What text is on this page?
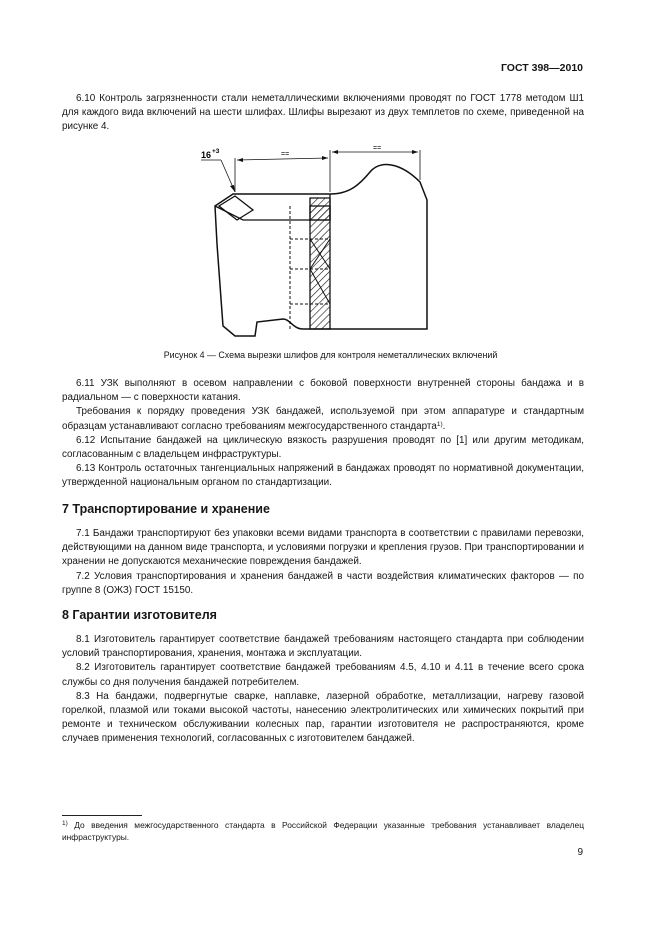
ГОСТ 398—2010

6.10 Контроль загрязненности стали неметаллическими включениями проводят по ГОСТ 1778 методом Ш1 для каждого вида включений на шести шлифах. Шлифы вырезают из двух темплетов по схеме, приведенной на рисунке 4.

16 +3	==
==
Рисунок 4 — Схема вырезки шлифов для контроля неметаллических включений

6.11 УЗК выполняют в осевом направлении с боковой поверхности внутренней стороны бандажа и в радиальном — с поверхности катания.

Требования к порядку проведения УЗК бандажей, используемой при этом аппаратуре и стандартным образцам устанавливают согласно требованиям межгосударственного стандарта$^{1)}$.

6.12 Испытание бандажей на циклическую вязкость разрушения проводят по [1] или другим методикам, согласованным с владельцем инфраструктуры.

6.13 Контроль остаточных тангенциальных напряжений в бандажах проводят по нормативной документации, утвержденной национальным органом по стандартизации.

7 Транспортирование и хранение

7.1 Бандажи транспортируют без упаковки всеми видами транспорта в соответствии с правилами перевозки, действующими на данном виде транспорта, и условиями погрузки и крепления грузов. При транспортировании и хранении не допускаются механические повреждения бандажей.

7.2 Условия транспортирования и хранения бандажей в части воздействия климатических факторов — по группе 8 (ОЖЗ) ГОСТ 15150.

8 Гарантии изготовителя

8.1 Изготовитель гарантирует соответствие бандажей требованиям настоящего стандарта при соблюдении условий транспортирования, хранения, монтажа и эксплуатации.

8.2 Изготовитель гарантирует соответствие бандажей требованиям 4.5, 4.10 и 4.11 в течение всего срока службы со дня получения бандажей потребителем.

8.3 На бандажи, подвергнутые сварке, наплавке, лазерной обработке, металлизации, нагреву газовой горелкой, плазмой или токами высокой частоты, нанесению электролитических или химических покрытий при ремонте и техническом обслуживании колесных пар, гарантии изготовителя не распространяются, кроме случаев применения технологий, согласованных с изготовителем бандажей.

$^{1)}$ До введения межгосударственного стандарта в Российской Федерации указанные требования устанавливает владелец инфраструктуры.
9
